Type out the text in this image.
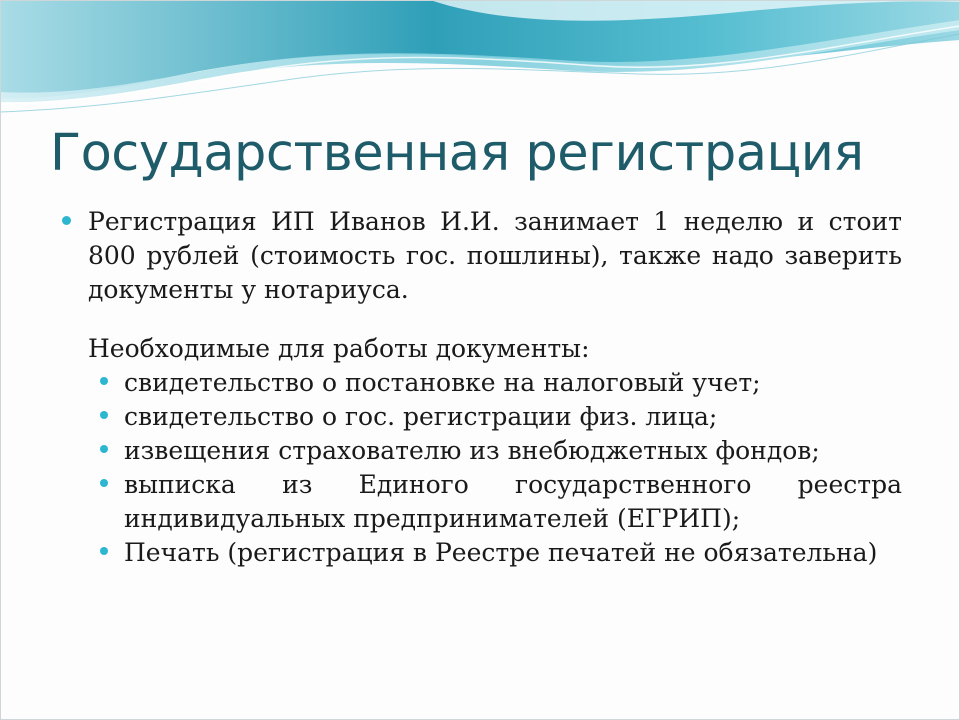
Государственная регистрация
Регистрация ИП Иванов И.И. занимает 1 неделю и стоит 800 рублей (стоимость гос. пошлины), также надо заверить документы у нотариуса.
Необходимые для работы документы:
свидетельство о постановке на налоговый учет;
свидетельство о гос. регистрации физ. лица;
извещения страхователю из внебюджетных фондов;
выписка из Единого государственного реестра индивидуальных предпринимателей (ЕГРИП);
Печать (регистрация в Реестре печатей не обязательна)
